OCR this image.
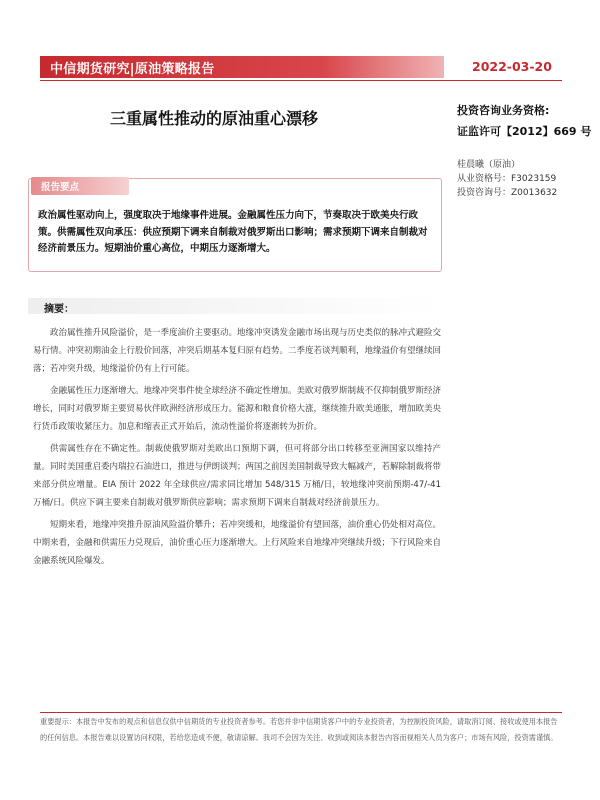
中信期货研究|原油策略报告	2022-03-20
三重属性推动的原油重心漂移	投资咨询业务资格:
证监许可【2012】669 号
桂晨曦（原油）
从业资格号：F3023159
投资咨询号：Z0013632
报告要点
政治属性驱动向上，强度取决于地缘事件进展。金融属性压力向下，节奏取决于欧美央行政策。供需属性双向承压：供应预期下调来自制裁对俄罗斯出口影响；需求预期下调来自制裁对经济前景压力。短期油价重心高位，中期压力逐渐增大。
摘要：

政治属性推升风险溢价，是一季度油价主要驱动。地缘冲突诱发金融市场出现与历史类似的脉冲式避险交易行情。冲突初期油金上行股价回落，冲突后期基本复归原有趋势。二季度若谈判顺利，地缘溢价有望继续回落；若冲突升级，地缘溢价仍有上行可能。

金融属性压力逐渐增大。地缘冲突事件使全球经济不确定性增加。美欧对俄罗斯制裁不仅抑制俄罗斯经济增长，同时对俄罗斯主要贸易伙伴欧洲经济形成压力。能源和粮食价格大涨，继续推升欧美通胀，增加欧美央行货币政策收紧压力。加息和缩表正式开始后，流动性溢价将逐渐转为折价。

供需属性存在不确定性。制裁使俄罗斯对美欧出口预期下调，但可将部分出口转移至亚洲国家以维持产量。同时美国重启委内瑞拉石油进口，推进与伊朗谈判；两国之前因美国制裁导致大幅减产，若解除制裁将带来部分供应增量。EIA 预计 2022 年全球供应/需求同比增加 548/315 万桶/日，较地缘冲突前预期-47/-41 万桶/日。供应下调主要来自制裁对俄罗斯供应影响；需求预期下调来自制裁对经济前景压力。

短期来看，地缘冲突推升原油风险溢价攀升；若冲突缓和，地缘溢价有望回落，油价重心仍处相对高位。中期来看，金融和供需压力兑现后，油价重心压力逐渐增大。上行风险来自地缘冲突继续升级；下行风险来自金融系统风险爆发。

重要提示：本报告中发布的观点和信息仅供中信期货的专业投资者参考。若您并非中信期货客户中的专业投资者，为控制投资风险，请取消订阅、接收或使用本报告的任何信息。本报告难以设置访问权限，若给您造成不便，敬请谅解。我司不会因为关注、收到或阅读本报告内容而视相关人员为客户；市场有风险，投资需谨慎。
